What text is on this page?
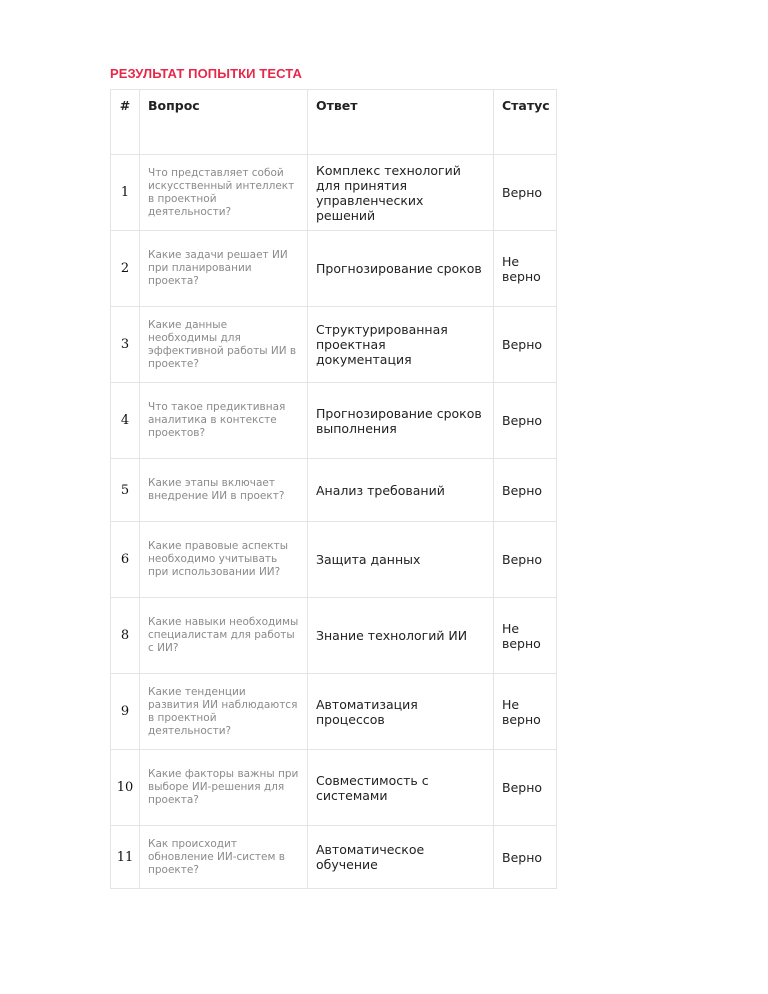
РЕЗУЛЬТАТ ПОПЫТКИ ТЕСТА
#	Вопрос	Ответ	Статус
1	Что представляет собой искусственный интеллект в проектной деятельности?	Комплекс технологий для принятия управленческих решений	Верно
2	Какие задачи решает ИИ при планировании проекта?	Прогнозирование сроков	Не верно
3	Какие данные необходимы для эффективной работы ИИ в проекте?	Структурированная проектная документация	Верно
4	Что такое предиктивная аналитика в контексте проектов?	Прогнозирование сроков выполнения	Верно
5	Какие этапы включает внедрение ИИ в проект?	Анализ требований	Верно
6	Какие правовые аспекты необходимо учитывать при использовании ИИ?	Защита данных	Верно
8	Какие навыки необходимы специалистам для работы с ИИ?	Знание технологий ИИ	Не верно
9	Какие тенденции развития ИИ наблюдаются в проектной деятельности?	Автоматизация процессов	Не верно
10	Какие факторы важны при выборе ИИ-решения для проекта?	Совместимость с системами	Верно
11	Как происходит обновление ИИ-систем в проекте?	Автоматическое обучение	Верно
